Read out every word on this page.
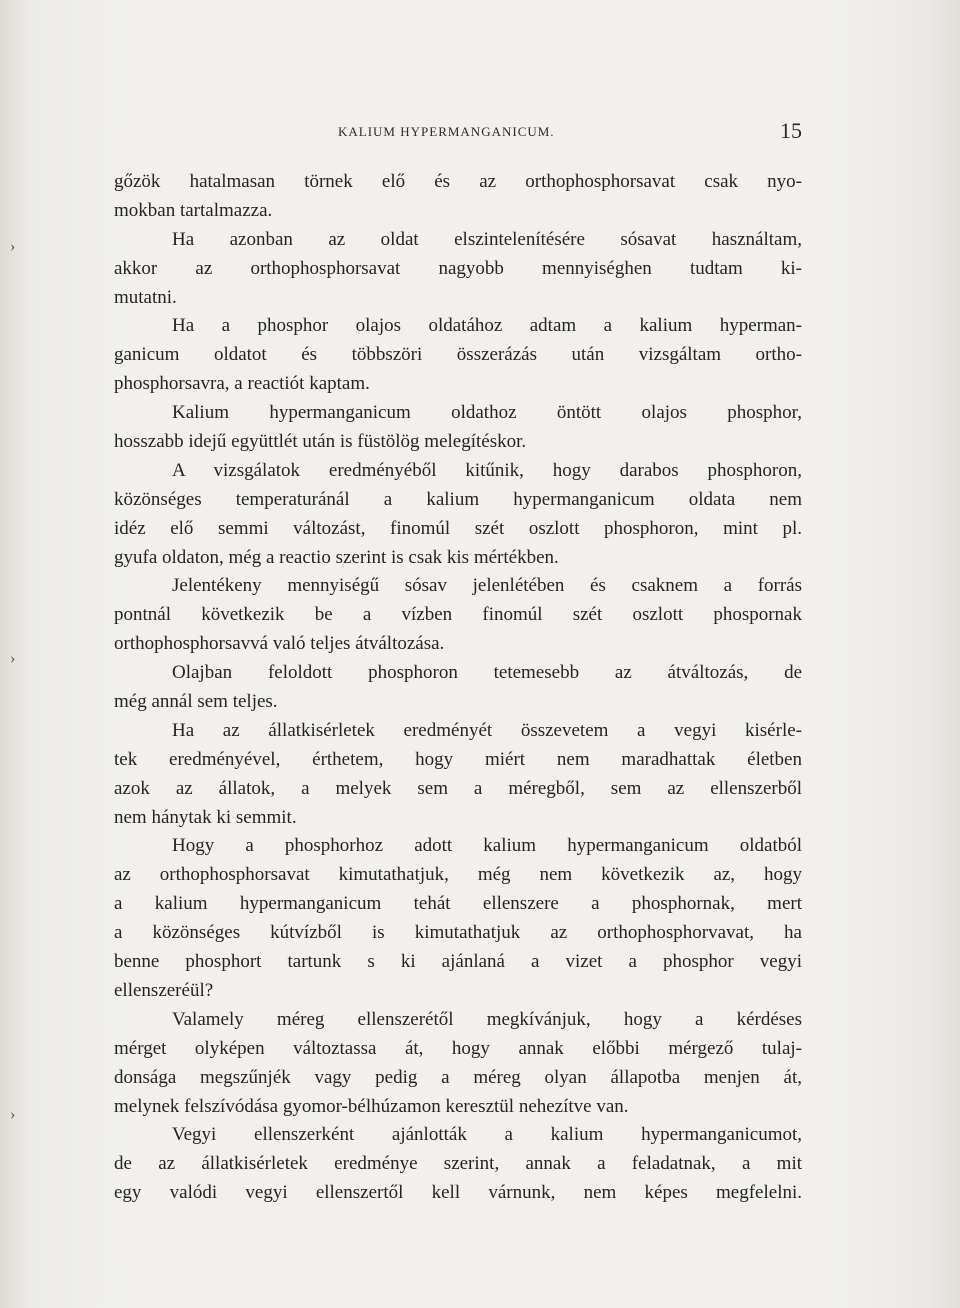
›
›
›
KALIUM HYPERMANGANICUM.	15
gőzök hatalmasan törnek elő és az orthophosphorsavat csak nyo-
mokban tartalmazza.
Ha azonban az oldat elszintelenítésére sósavat használtam,
akkor az orthophosphorsavat nagyobb mennyiséghen tudtam ki-
mutatni.
Ha a phosphor olajos oldatához adtam a kalium hyperman-
ganicum oldatot és többszöri összerázás után vizsgáltam ortho-
phosphorsavra, a reactiót kaptam.
Kalium hypermanganicum oldathoz öntött olajos phosphor,
hosszabb idejű együttlét után is füstölög melegítéskor.
A vizsgálatok eredményéből kitűnik, hogy darabos phosphoron,
közönséges temperaturánál a kalium hypermanganicum oldata nem
idéz elő semmi változást, finomúl szét oszlott phosphoron, mint pl.
gyufa oldaton, még a reactio szerint is csak kis mértékben.
Jelentékeny mennyiségű sósav jelenlétében és csaknem a forrás
pontnál következik be a vízben finomúl szét oszlott phospornak
orthophosphorsavvá való teljes átváltozása.
Olajban feloldott phosphoron tetemesebb az átváltozás, de
még annál sem teljes.
Ha az állatkisérletek eredményét összevetem a vegyi kisérle-
tek eredményével, érthetem, hogy miért nem maradhattak életben
azok az állatok, a melyek sem a méregből, sem az ellenszerből
nem hánytak ki semmit.
Hogy a phosphorhoz adott kalium hypermanganicum oldatból
az orthophosphorsavat kimutathatjuk, még nem következik az, hogy
a kalium hypermanganicum tehát ellenszere a phosphornak, mert
a közönséges kútvízből is kimutathatjuk az orthophosphorvavat, ha
benne phosphort tartunk s ki ajánlaná a vizet a phosphor vegyi
ellenszeréül?
Valamely méreg ellenszerétől megkívánjuk, hogy a kérdéses
mérget olyképen változtassa át, hogy annak előbbi mérgező tulaj-
donsága megszűnjék vagy pedig a méreg olyan állapotba menjen át,
melynek felszívódása gyomor-bélhúzamon keresztül nehezítve van.
Vegyi ellenszerként ajánlották a kalium hypermanganicumot,
de az állatkisérletek eredménye szerint, annak a feladatnak, a mit
egy valódi vegyi ellenszertől kell várnunk, nem képes megfelelni.
